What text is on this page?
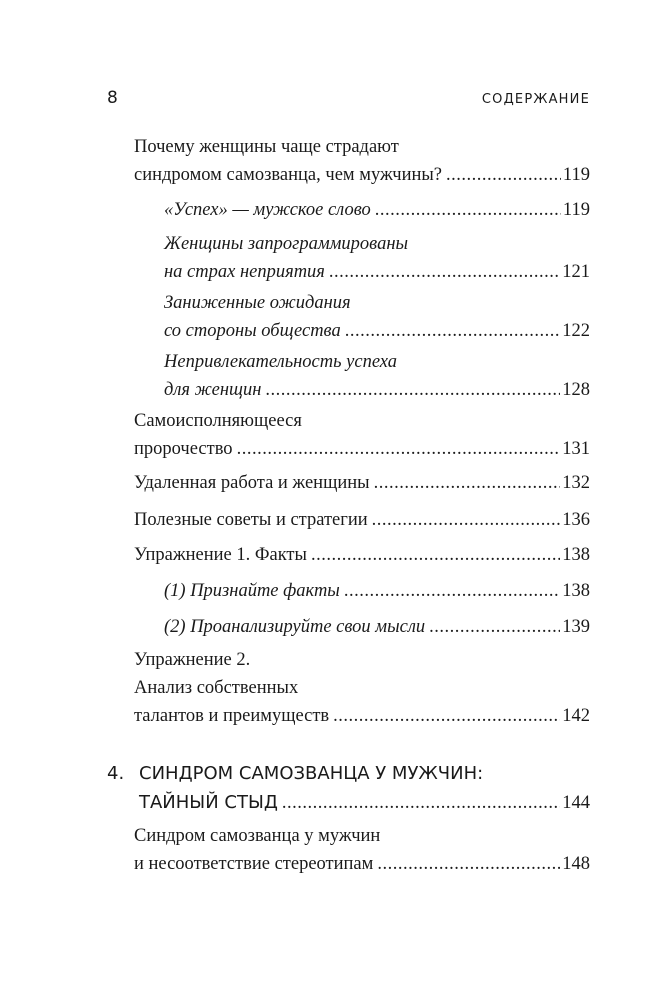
8	СОДЕРЖАНИЕ
Почему женщины чаще страдают
синдромом самозванца, чем мужчины? .....	119
«Успех» — мужское слово .....	119
Женщины запрограммированы
на страх неприятия .....	121
Заниженные ожидания
со стороны общества .....	122
Непривлекательность успеха
для женщин .....	128
Самоисполняющееся
пророчество .....	131
Удаленная работа и женщины .....	132
Полезные советы и стратегии .....	136
Упражнение 1. Факты .....	138
(1) Признайте факты .....	138
(2) Проанализируйте свои мысли .....	139
Упражнение 2.
Анализ собственных
талантов и преимуществ .....	142
4. СИНДРОМ САМОЗВАНЦА У МУЖЧИН:
ТАЙНЫЙ СТЫД .....	144
Синдром самозванца у мужчин
и несоответствие стереотипам .....	148
